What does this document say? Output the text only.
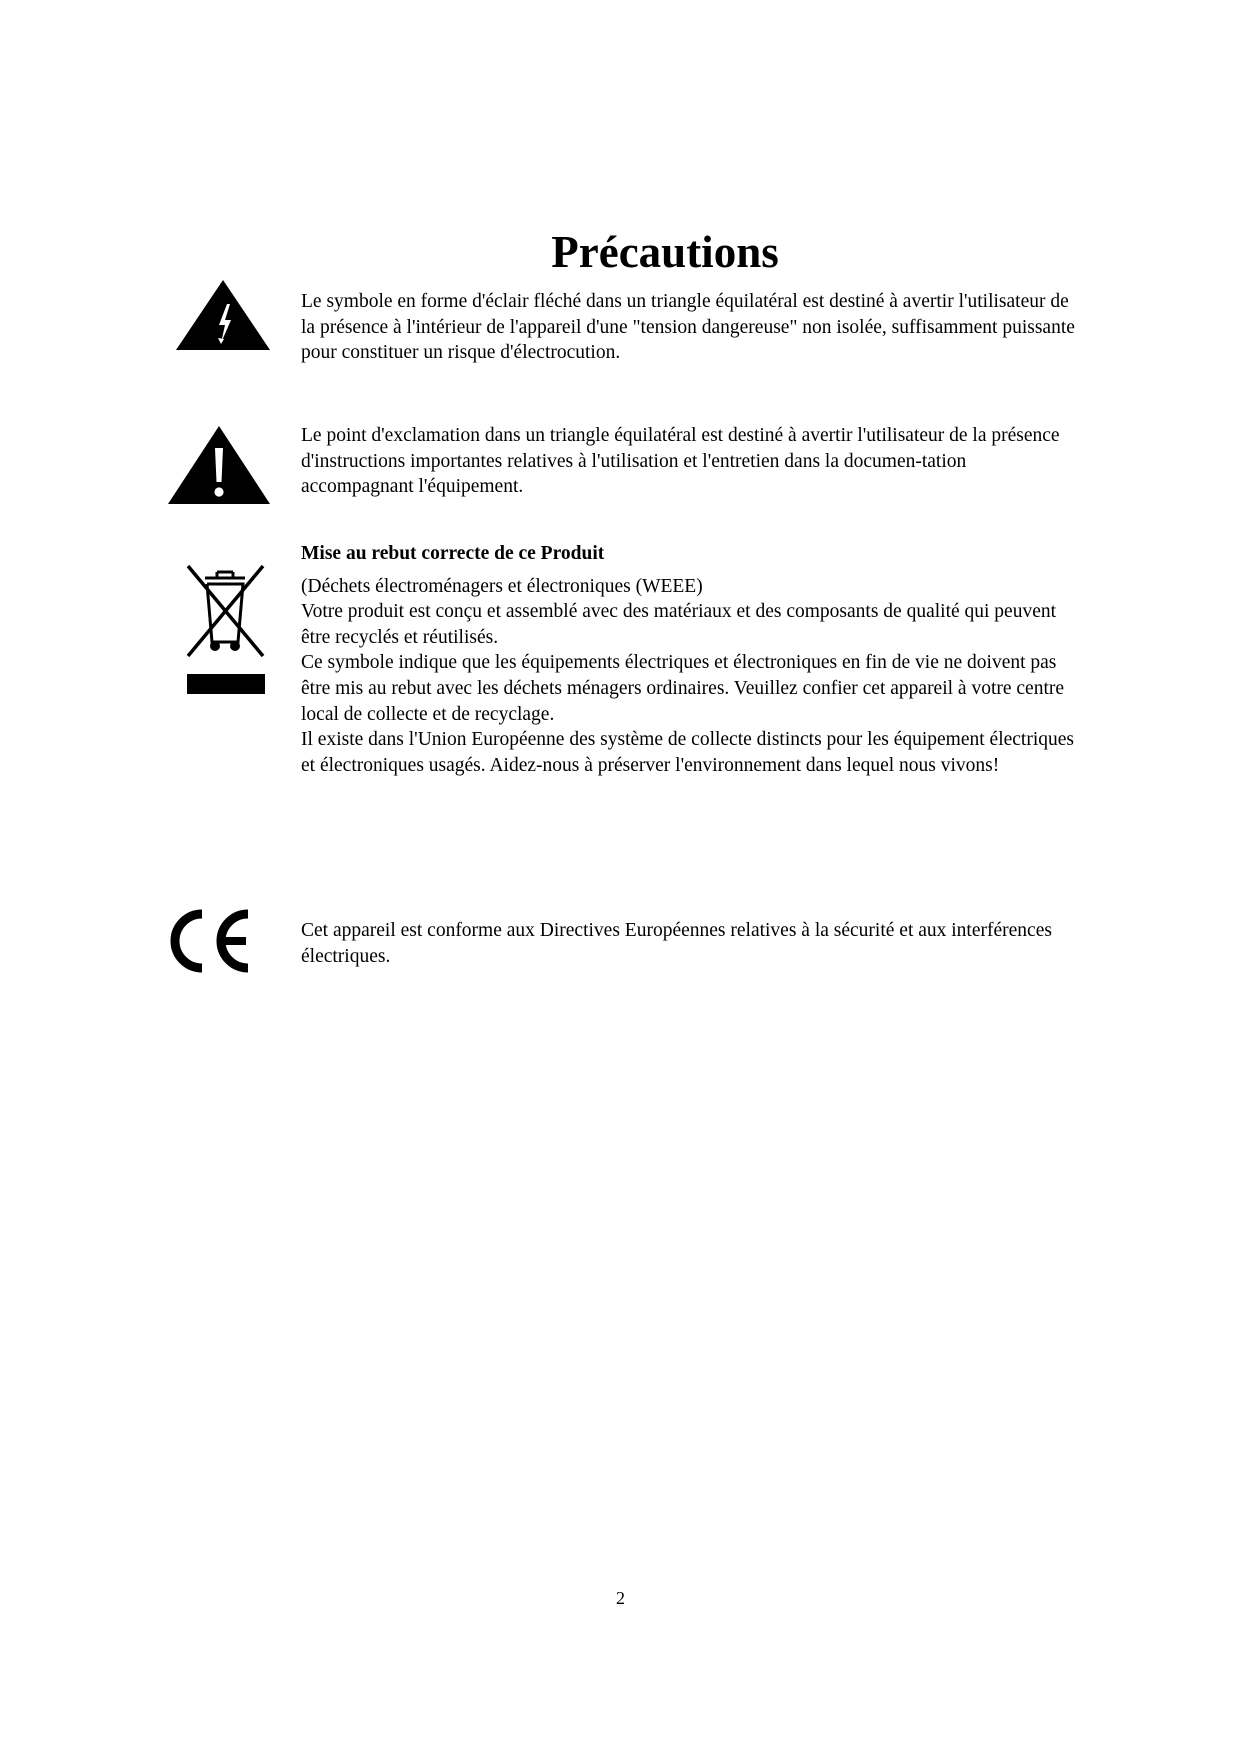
Précautions

Le symbole en forme d'éclair fléché dans un triangle équilatéral est destiné à avertir l'utilisateur de la présence à l'intérieur de l'appareil d'une "tension dangereuse" non isolée, suffisamment puissante pour constituer un risque d'électrocution.

Le point d'exclamation dans un triangle équilatéral est destiné à avertir l'utilisateur de la présence d'instructions importantes relatives à l'utilisation et l'entretien dans la documen-tation accompagnant l'équipement.

Mise au rebut correcte de ce Produit

(Déchets électroménagers et électroniques (WEEE)

Votre produit est conçu et assemblé avec des matériaux et des composants de qualité qui peuvent être recyclés et réutilisés.

Ce symbole indique que les équipements électriques et électroniques en fin de vie ne doivent pas être mis au rebut avec les déchets ménagers ordinaires. Veuillez confier cet appareil à votre centre local de collecte et de recyclage.

Il existe dans l'Union Européenne des système de collecte distincts pour les équipement électriques et électroniques usagés. Aidez-nous à préserver l'environnement dans lequel nous vivons!

Cet appareil est conforme aux Directives Européennes relatives à la sécurité et aux interférences électriques.

2
